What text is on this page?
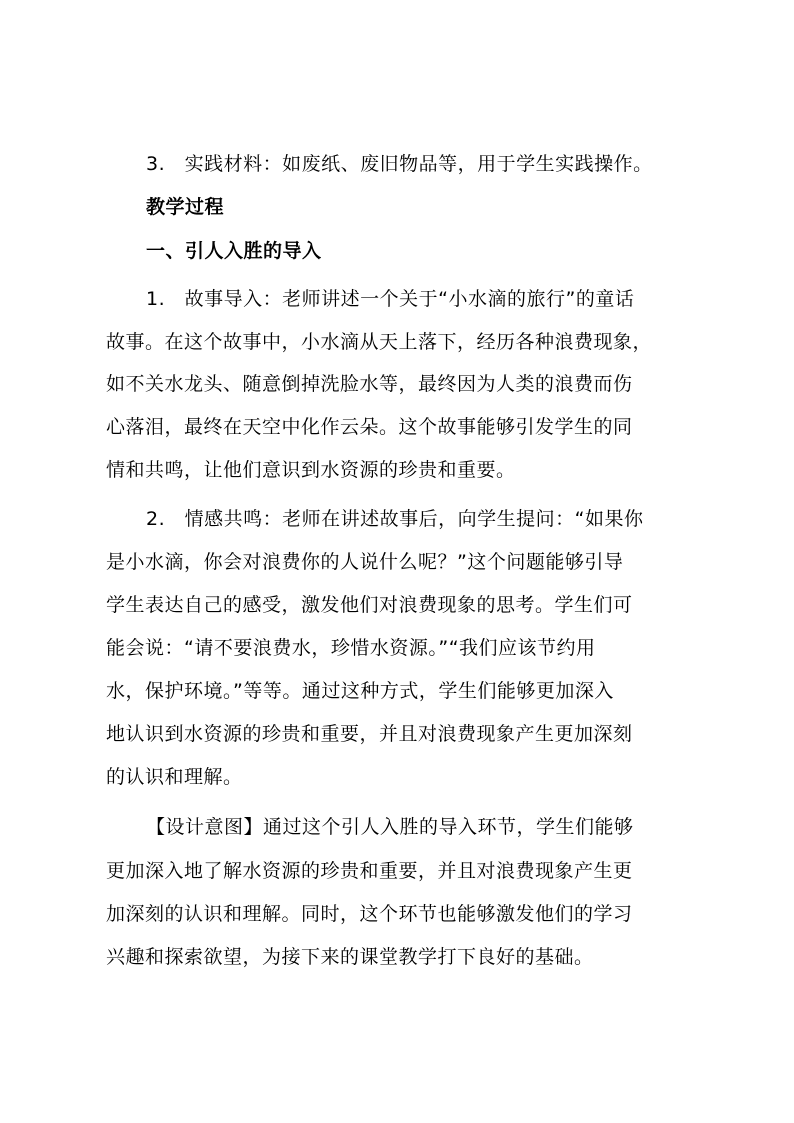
3.　实践材料：如废纸、废旧物品等，用于学生实践操作。
教学过程
一、引人入胜的导入
1.　故事导入：老师讲述一个关于“小水滴的旅行”的童话
故事。在这个故事中，小水滴从天上落下，经历各种浪费现象，
如不关水龙头、随意倒掉洗脸水等，最终因为人类的浪费而伤
心落泪，最终在天空中化作云朵。这个故事能够引发学生的同
情和共鸣，让他们意识到水资源的珍贵和重要。
2.　情感共鸣：老师在讲述故事后，向学生提问：“如果你
是小水滴，你会对浪费你的人说什么呢？”这个问题能够引导
学生表达自己的感受，激发他们对浪费现象的思考。学生们可
能会说：“请不要浪费水，珍惜水资源。”“我们应该节约用
水，保护环境。”等等。通过这种方式，学生们能够更加深入
地认识到水资源的珍贵和重要，并且对浪费现象产生更加深刻
的认识和理解。
【设计意图】通过这个引人入胜的导入环节，学生们能够
更加深入地了解水资源的珍贵和重要，并且对浪费现象产生更
加深刻的认识和理解。同时，这个环节也能够激发他们的学习
兴趣和探索欲望，为接下来的课堂教学打下良好的基础。
